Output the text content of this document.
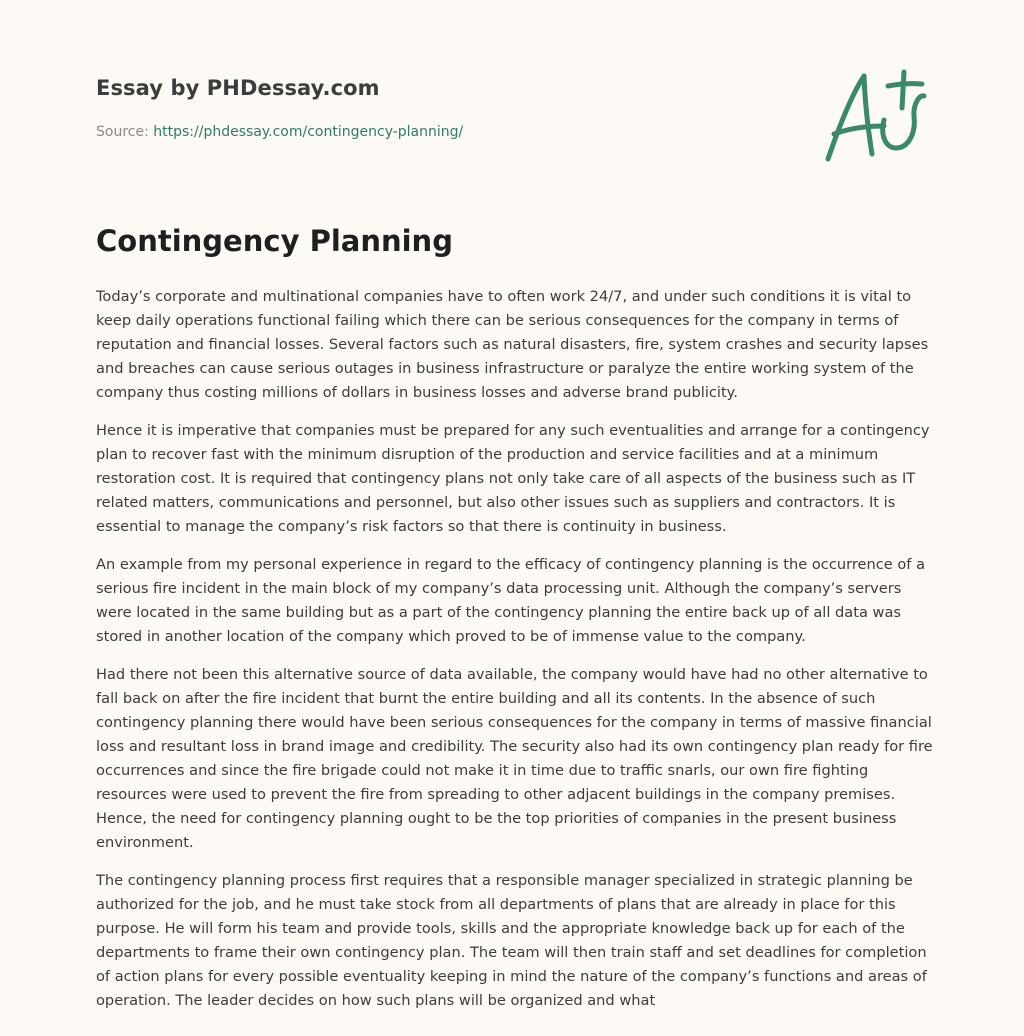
Essay by PHDessay.com
Source: https://phdessay.com/contingency-planning/
Contingency Planning

Today’s corporate and multinational companies have to often work 24/7, and under such conditions it is vital to keep daily operations functional failing which there can be serious consequences for the company in terms of reputation and financial losses. Several factors such as natural disasters, fire, system crashes and security lapses and breaches can cause serious outages in business infrastructure or paralyze the entire working system of the company thus costing millions of dollars in business losses and adverse brand publicity.

Hence it is imperative that companies must be prepared for any such eventualities and arrange for a contingency plan to recover fast with the minimum disruption of the production and service facilities and at a minimum restoration cost. It is required that contingency plans not only take care of all aspects of the business such as IT related matters, communications and personnel, but also other issues such as suppliers and contractors. It is essential to manage the company’s risk factors so that there is continuity in business.

An example from my personal experience in regard to the efficacy of contingency planning is the occurrence of a serious fire incident in the main block of my company’s data processing unit. Although the company’s servers were located in the same building but as a part of the contingency planning the entire back up of all data was stored in another location of the company which proved to be of immense value to the company.

Had there not been this alternative source of data available, the company would have had no other alternative to fall back on after the fire incident that burnt the entire building and all its contents. In the absence of such contingency planning there would have been serious consequences for the company in terms of massive financial loss and resultant loss in brand image and credibility. The security also had its own contingency plan ready for fire occurrences and since the fire brigade could not make it in time due to traffic snarls, our own fire fighting resources were used to prevent the fire from spreading to other adjacent buildings in the company premises. Hence, the need for contingency planning ought to be the top priorities of companies in the present business environment.

The contingency planning process first requires that a responsible manager specialized in strategic planning be authorized for the job, and he must take stock from all departments of plans that are already in place for this purpose. He will form his team and provide tools, skills and the appropriate knowledge back up for each of the departments to frame their own contingency plan. The team will then train staff and set deadlines for completion of action plans for every possible eventuality keeping in mind the nature of the company’s functions and areas of operation. The leader decides on how such plans will be organized and what
